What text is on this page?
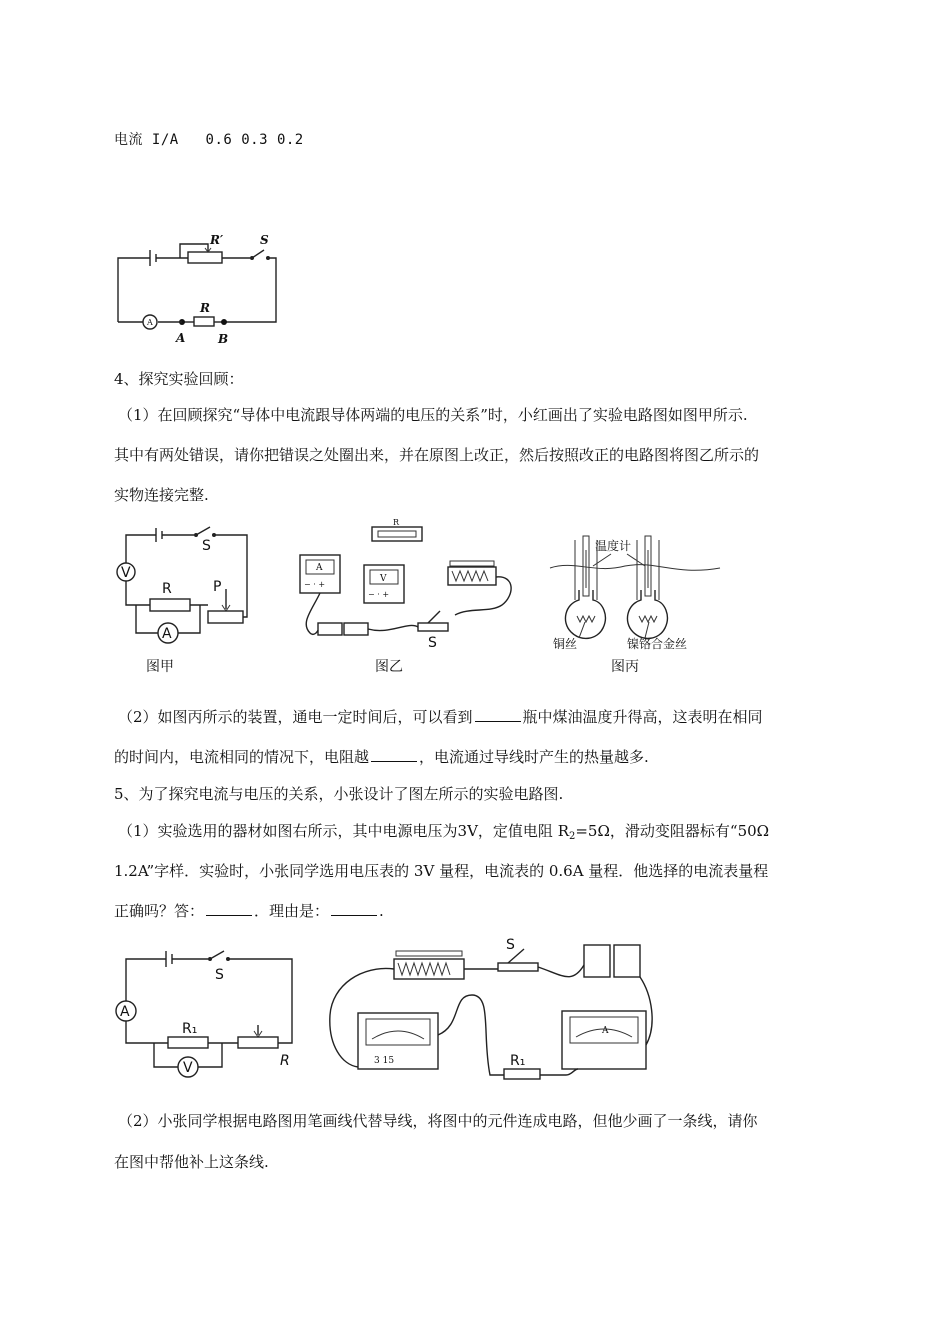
电流 I/A 0.6 0.3 0.2
A
R′	S
R
A	B
4、探究实验回顾：
（1）在回顾探究“导体中电流跟导体两端的电压的关系”时，小红画出了实验电路图如图甲所示.
其中有两处错误，请你把错误之处圈出来，并在原图上改正，然后按照改正的电路图将图乙所示的
实物连接完整.
S
V
R	P
A
图甲
R
A
− · +
V
− · +
S
图乙
温度计
铜丝	镍铬合金丝
图丙
（2）如图丙所示的装置，通电一定时间后，可以看到	瓶中煤油温度升得高，这表明在相同
的时间内，电流相同的情况下，电阻越	，电流通过导线时产生的热量越多.
5、为了探究电流与电压的关系，小张设计了图左所示的实验电路图.
（1）实验选用的器材如图右所示，其中电源电压为3V，定值电阻 $R_2=5\Omega$，滑动变阻器标有“50Ω
1.2A”字样．实验时，小张同学选用电压表的 3V 量程，电流表的 0.6A 量程．他选择的电流表量程
正确吗？答：	．理由是：	.
S
A
R₁
R
V
S
3 15
A
R₁
（2）小张同学根据电路图用笔画线代替导线，将图中的元件连成电路，但他少画了一条线，请你
在图中帮他补上这条线.
